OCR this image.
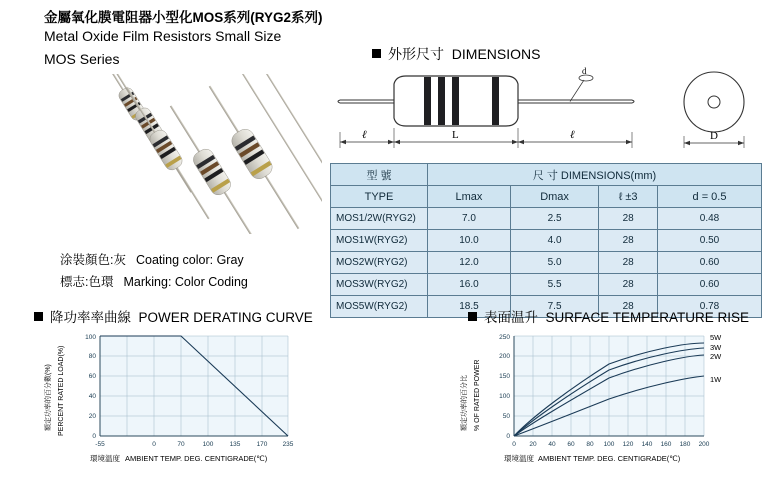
金屬氧化膜電阻器小型化MOS系列(RYG2系列)
Metal Oxide Film Resistors Small Size
MOS Series
涂裝顏色:灰 Coating color: Gray
標志:色環 Marking: Color Coding
外形尺寸 DIMENSIONS
d
ℓ	L	ℓ	D
型 號	尺 寸 DIMENSIONS(mm)			
TYPE	Lmax	Dmax	ℓ ±3	d = 0.5
MOS1/2W(RYG2)	7.0	2.5	28	0.48
MOS1W(RYG2)	10.0	4.0	28	0.50
MOS2W(RYG2)	12.0	5.0	28	0.60
MOS3W(RYG2)	16.0	5.5	28	0.60
MOS5W(RYG2)	18.5	7.5	28	0.78
降功率率曲線 POWER DERATING CURVE	表面温升 SURFACE TEMPERATURE RISE
0
20
40
60
80
100
-55	0	70	100 135 170 235
額定功率的百分數(%) PERCENT RATED LOAD(%)
環境温度 AMBIENT TEMP. DEG. CENTIGRADE(℃)
5W
3W
2W
1W
0
50
100
150
200
250
0 20 40 60 80 100 120 140 160 180 200
額定功率的百分比 % OF RATED POWER
環境温度 AMBIENT TEMP. DEG. CENTIGRADE(℃)
